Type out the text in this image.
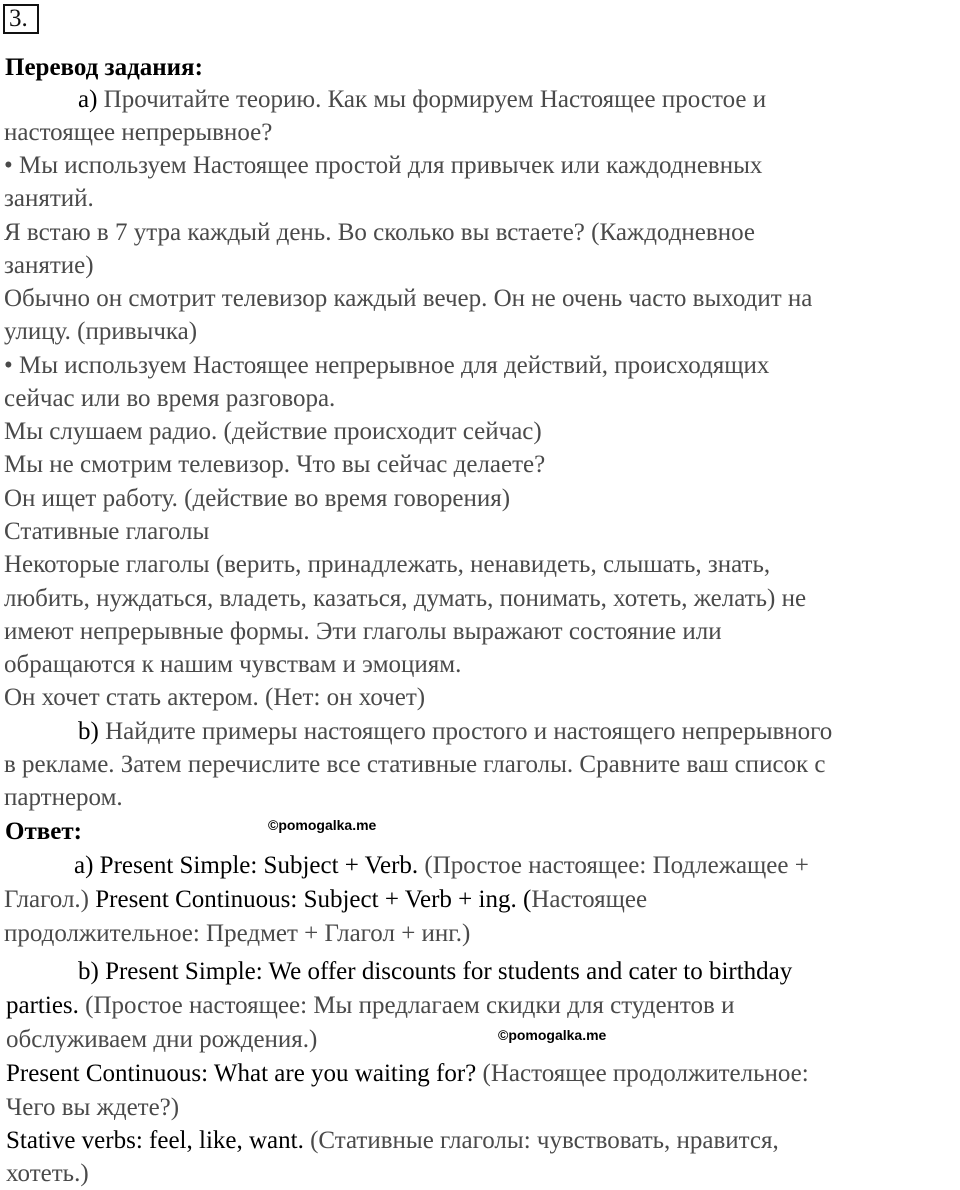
3.
Перевод задания:
a) Прочитайте теорию. Как мы формируем Настоящее простое и
настоящее непрерывное?
• Мы используем Настоящее простой для привычек или каждодневных
занятий.
Я встаю в 7 утра каждый день. Во сколько вы встаете? (Каждодневное
занятие)
Обычно он смотрит телевизор каждый вечер. Он не очень часто выходит на
улицу. (привычка)
• Мы используем Настоящее непрерывное для действий, происходящих
сейчас или во время разговора.
Мы слушаем радио. (действие происходит сейчас)
Мы не смотрим телевизор. Что вы сейчас делаете?
Он ищет работу. (действие во время говорения)
Стативные глаголы
Некоторые глаголы (верить, принадлежать, ненавидеть, слышать, знать,
любить, нуждаться, владеть, казаться, думать, понимать, хотеть, желать) не
имеют непрерывные формы. Эти глаголы выражают состояние или
обращаются к нашим чувствам и эмоциям.
Он хочет стать актером. (Нет: он хочет)
b) Найдите примеры настоящего простого и настоящего непрерывного
в рекламе. Затем перечислите все стативные глаголы. Сравните ваш список с
партнером.
Ответ:	©pomogalka.me
a) Present Simple: Subject + Verb. (Простое настоящее: Подлежащее +
Глагол.) Present Continuous: Subject + Verb + ing. (Настоящее
продолжительное: Предмет + Глагол + инг.)
b) Present Simple: We offer discounts for students and cater to birthday
parties. (Простое настоящее: Мы предлагаем скидки для студентов и
обслуживаем дни рождения.)	©pomogalka.me
Present Continuous: What are you waiting for? (Настоящее продолжительное:
Чего вы ждете?)
Stative verbs: feel, like, want. (Стативные глаголы: чувствовать, нравится,
хотеть.)
